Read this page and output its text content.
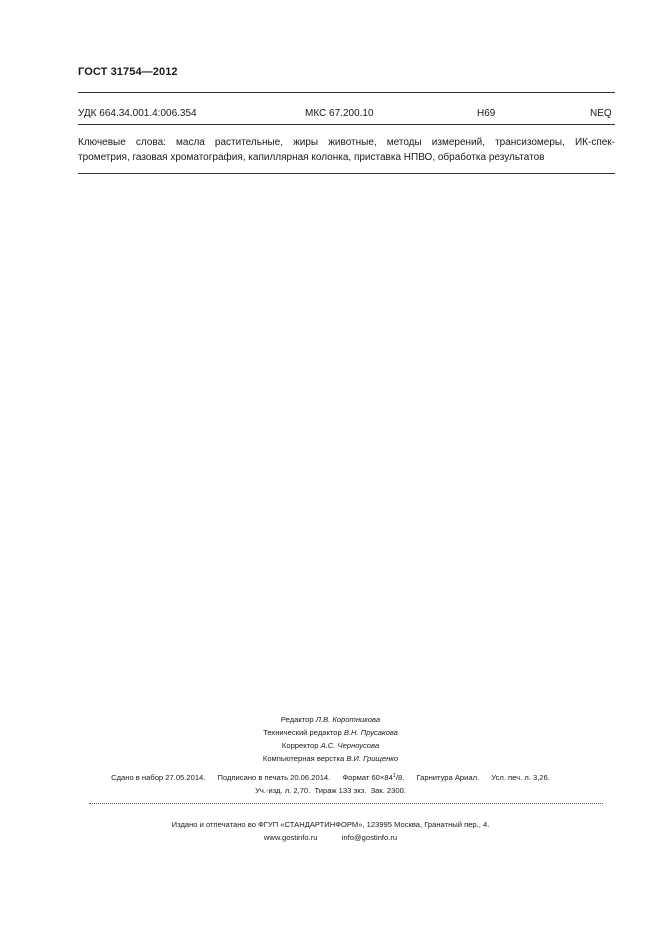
ГОСТ 31754—2012
УДК 664.34.001.4:006.354	МКС 67.200.10	Н69	NEQ
Ключевые слова: масла растительные, жиры животные, методы измерений, трансизомеры, ИК-спек-
трометрия, газовая хроматография, капиллярная колонка, приставка НПВО, обработка результатов
Редактор Л.В. Коротникова
Технический редактор В.Н. Прусакова
Корректор А.С. Черноусова
Компьютерная верстка В.И. Грищенко
Сдано в набор 27.05.2014. Подписано в печать 20.06.2014. Формат $60\times 84^1/8$. Гарнитура Ариал. Усл. печ. л. 3,26.
Уч.-изд. л. 2,70. Тираж 133 экз. Зак. 2300.
Издано и отпечатано во ФГУП «СТАНДАРТИНФОРМ», 123995 Москва, Гранатный пер., 4.
www.gostinfo.ru	info@gostinfo.ru
